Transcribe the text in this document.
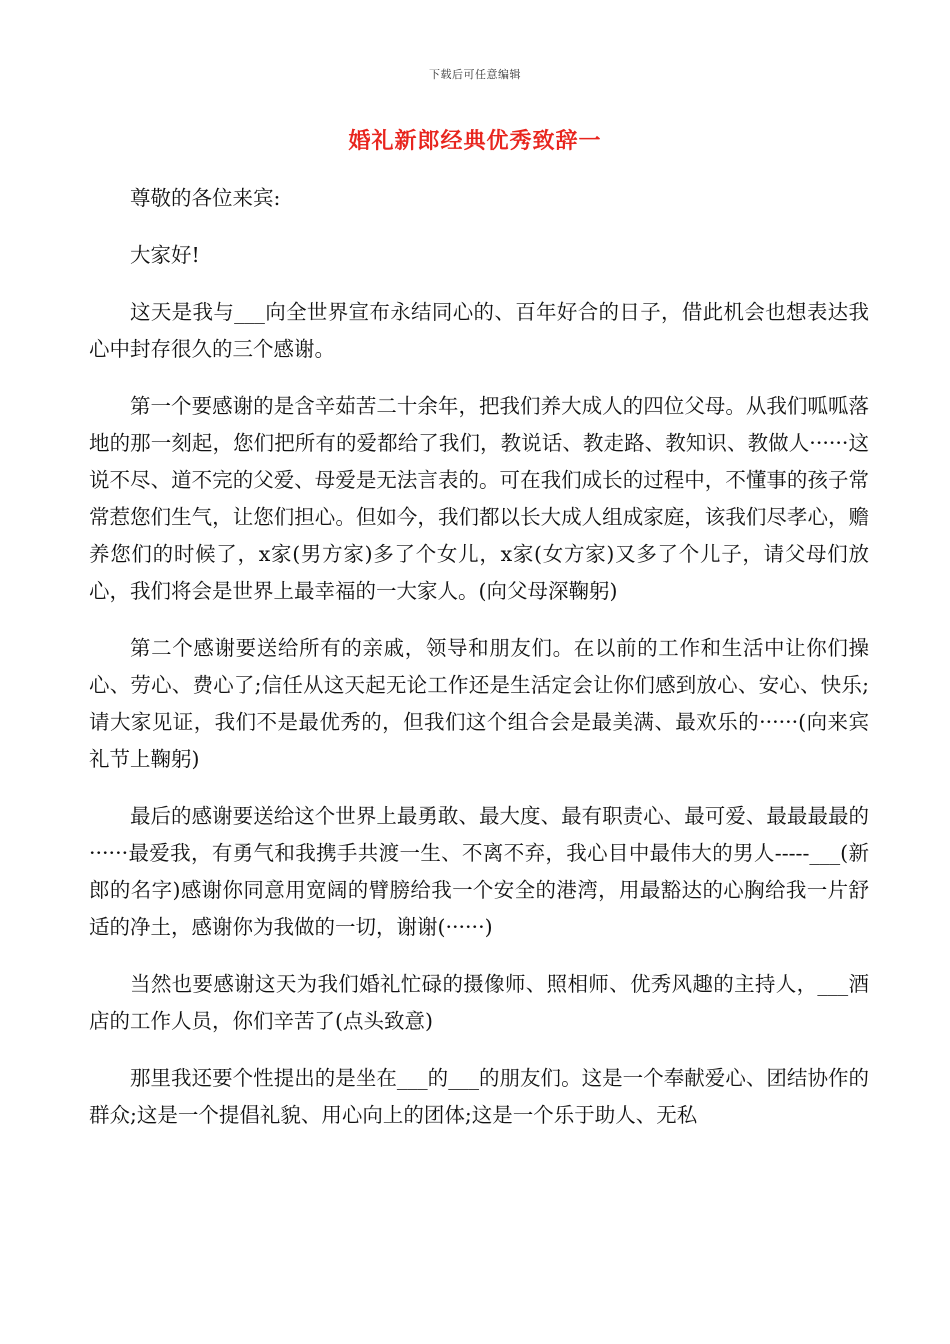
下载后可任意编辑
婚礼新郎经典优秀致辞一

尊敬的各位来宾:

大家好!

这天是我与___向全世界宣布永结同心的、百年好合的日子，借此机会也想表达我心中封存很久的三个感谢。

第一个要感谢的是含辛茹苦二十余年，把我们养大成人的四位父母。从我们呱呱落地的那一刻起，您们把所有的爱都给了我们，教说话、教走路、教知识、教做人······这说不尽、道不完的父爱、母爱是无法言表的。可在我们成长的过程中，不懂事的孩子常常惹您们生气，让您们担心。但如今，我们都以长大成人组成家庭，该我们尽孝心，赡养您们的时候了，x家(男方家)多了个女儿，x家(女方家)又多了个儿子，请父母们放心，我们将会是世界上最幸福的一大家人。(向父母深鞠躬)

第二个感谢要送给所有的亲戚，领导和朋友们。在以前的工作和生活中让你们操心、劳心、费心了;信任从这天起无论工作还是生活定会让你们感到放心、安心、快乐;请大家见证，我们不是最优秀的，但我们这个组合会是最美满、最欢乐的······(向来宾礼节上鞠躬)

最后的感谢要送给这个世界上最勇敢、最大度、最有职责心、最可爱、最最最最的······最爱我，有勇气和我携手共渡一生、不离不弃，我心目中最伟大的男人-----___(新郎的名字)感谢你同意用宽阔的臂膀给我一个安全的港湾，用最豁达的心胸给我一片舒适的净土，感谢你为我做的一切，谢谢(······)

当然也要感谢这天为我们婚礼忙碌的摄像师、照相师、优秀风趣的主持人，___酒店的工作人员，你们辛苦了(点头致意)

那里我还要个性提出的是坐在___的___的朋友们。这是一个奉献爱心、团结协作的群众;这是一个提倡礼貌、用心向上的团体;这是一个乐于助人、无私
